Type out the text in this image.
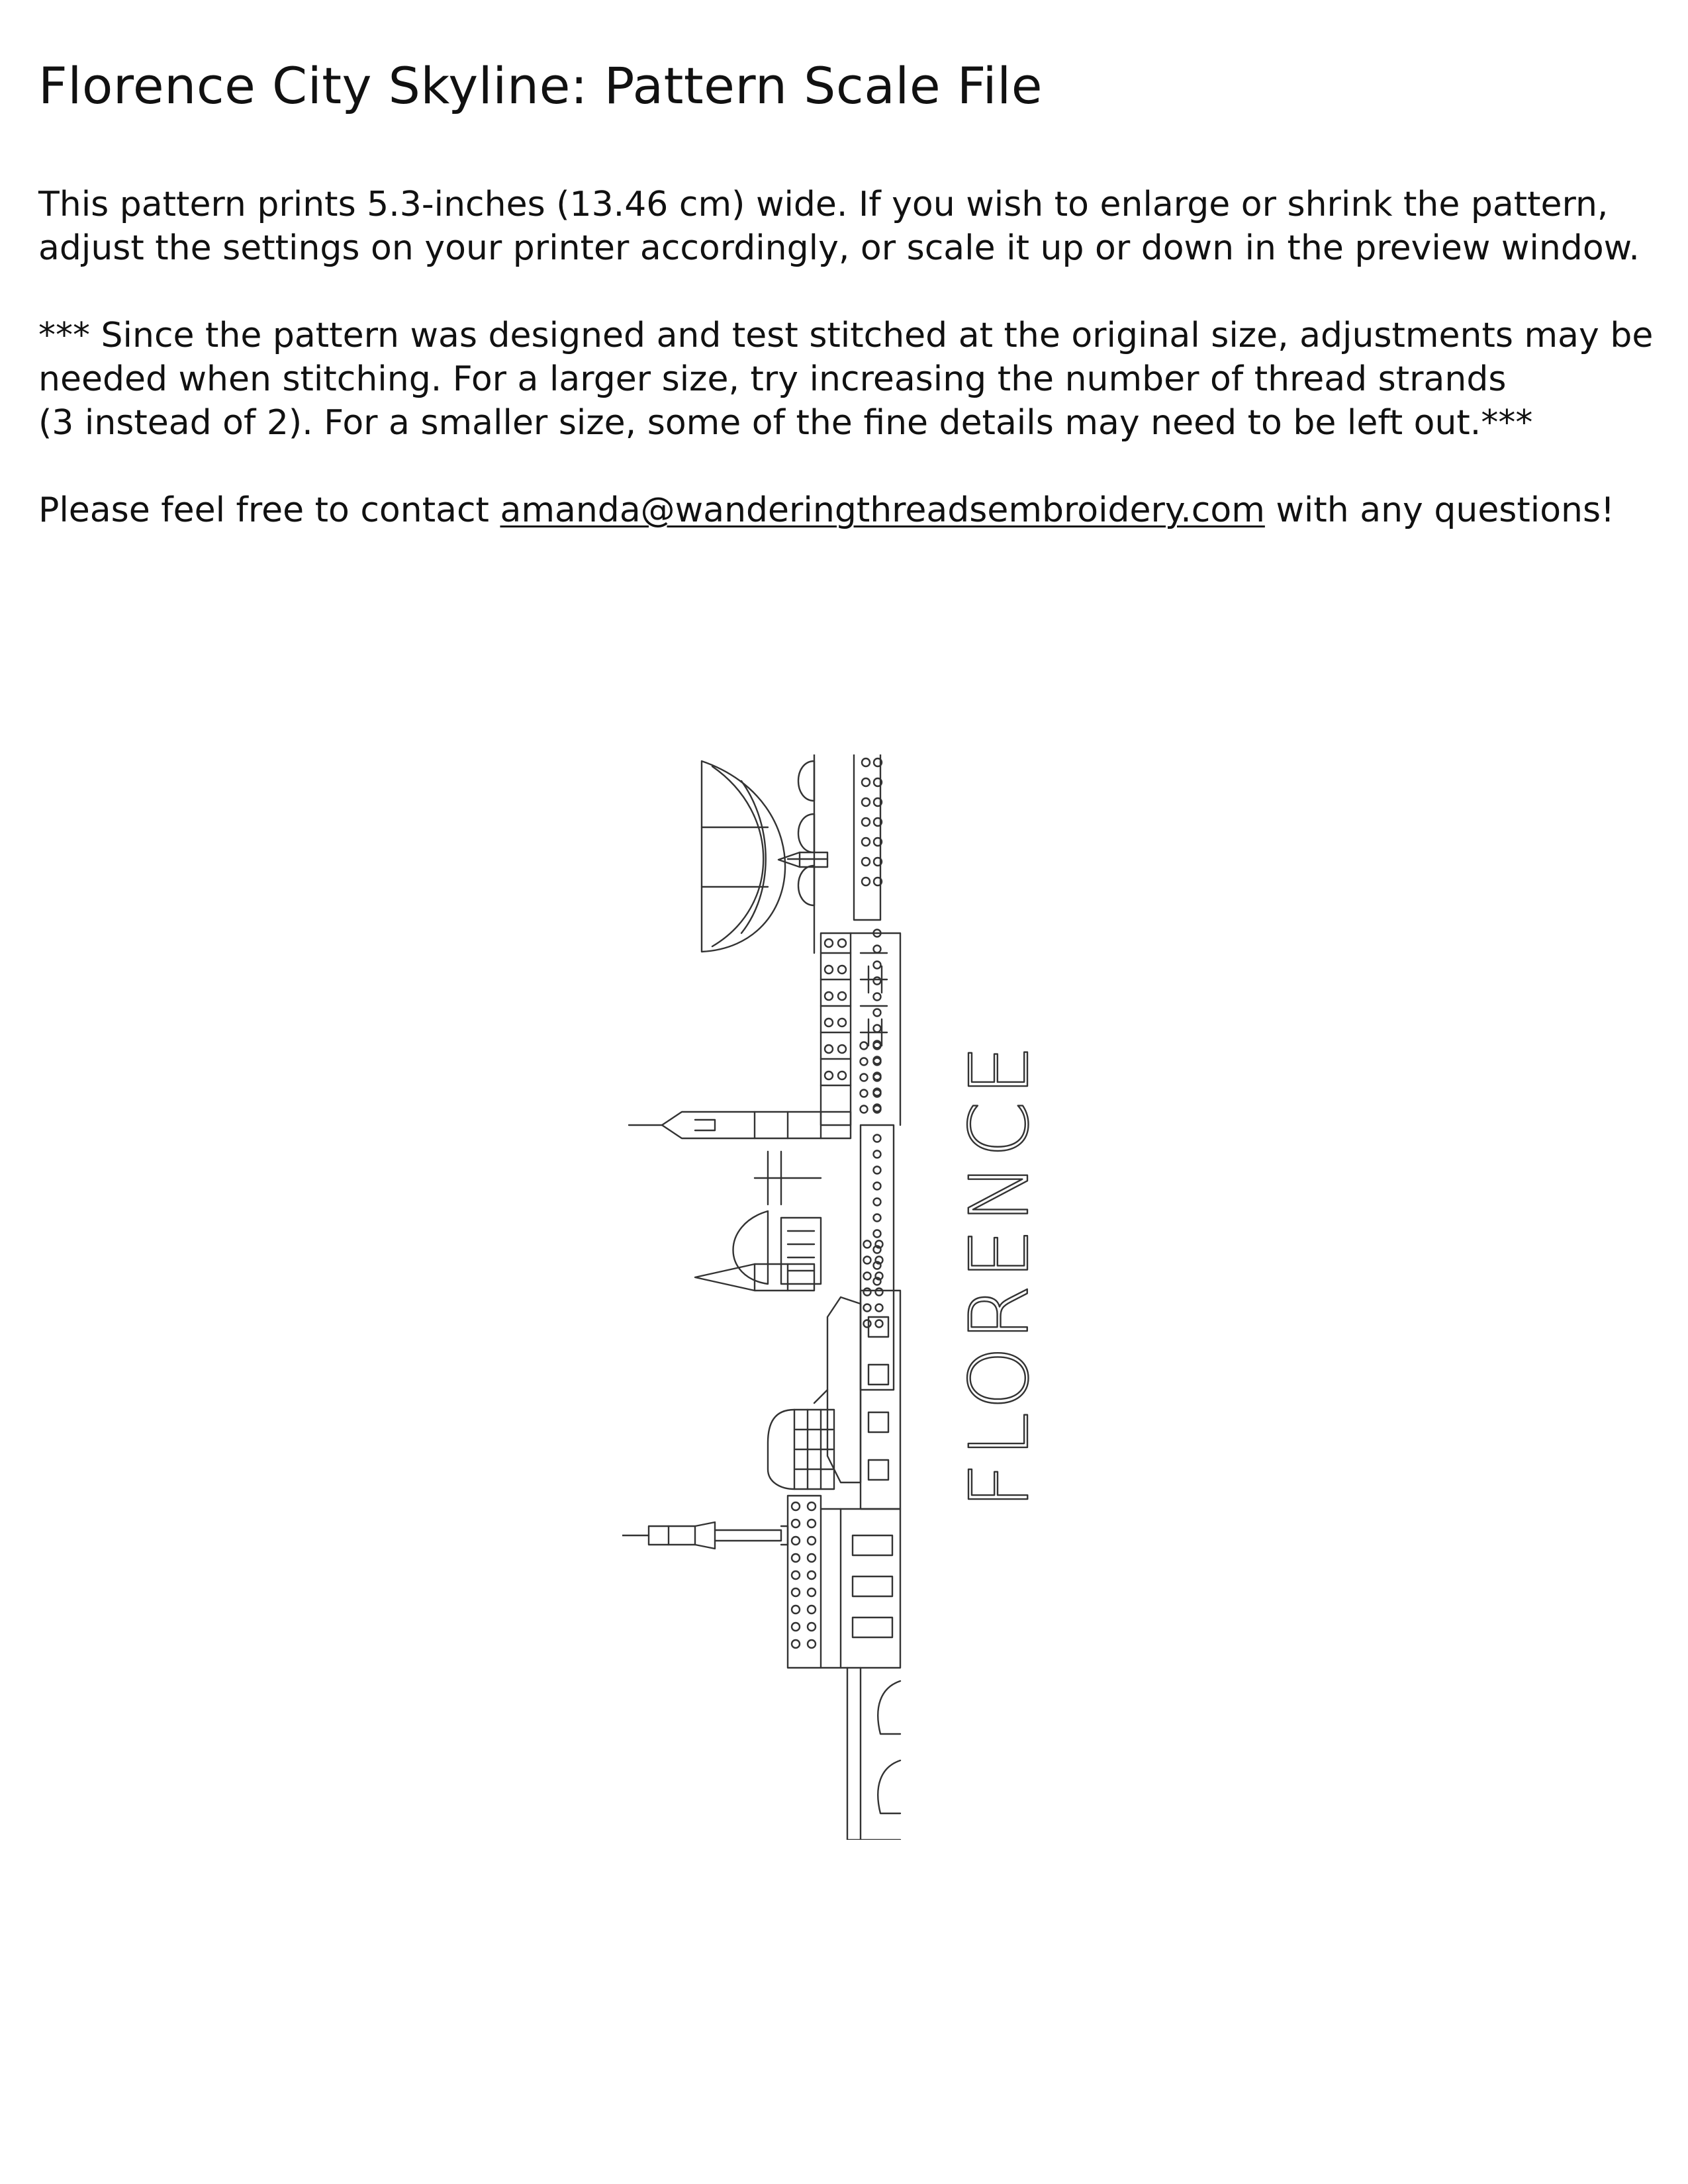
Florence City Skyline: Pattern Scale File

This pattern prints 5.3-inches (13.46 cm) wide. If you wish to enlarge or shrink the pattern,
adjust the settings on your printer accordingly, or scale it up or down in the preview window.

*** Since the pattern was designed and test stitched at the original size, adjustments may be
needed when stitching. For a larger size, try increasing the number of thread strands
(3 instead of 2). For a smaller size, some of the fine details may need to be left out.***

Please feel free to contact amanda@wanderingthreadsembroidery.com with any questions!

FLORENCE
